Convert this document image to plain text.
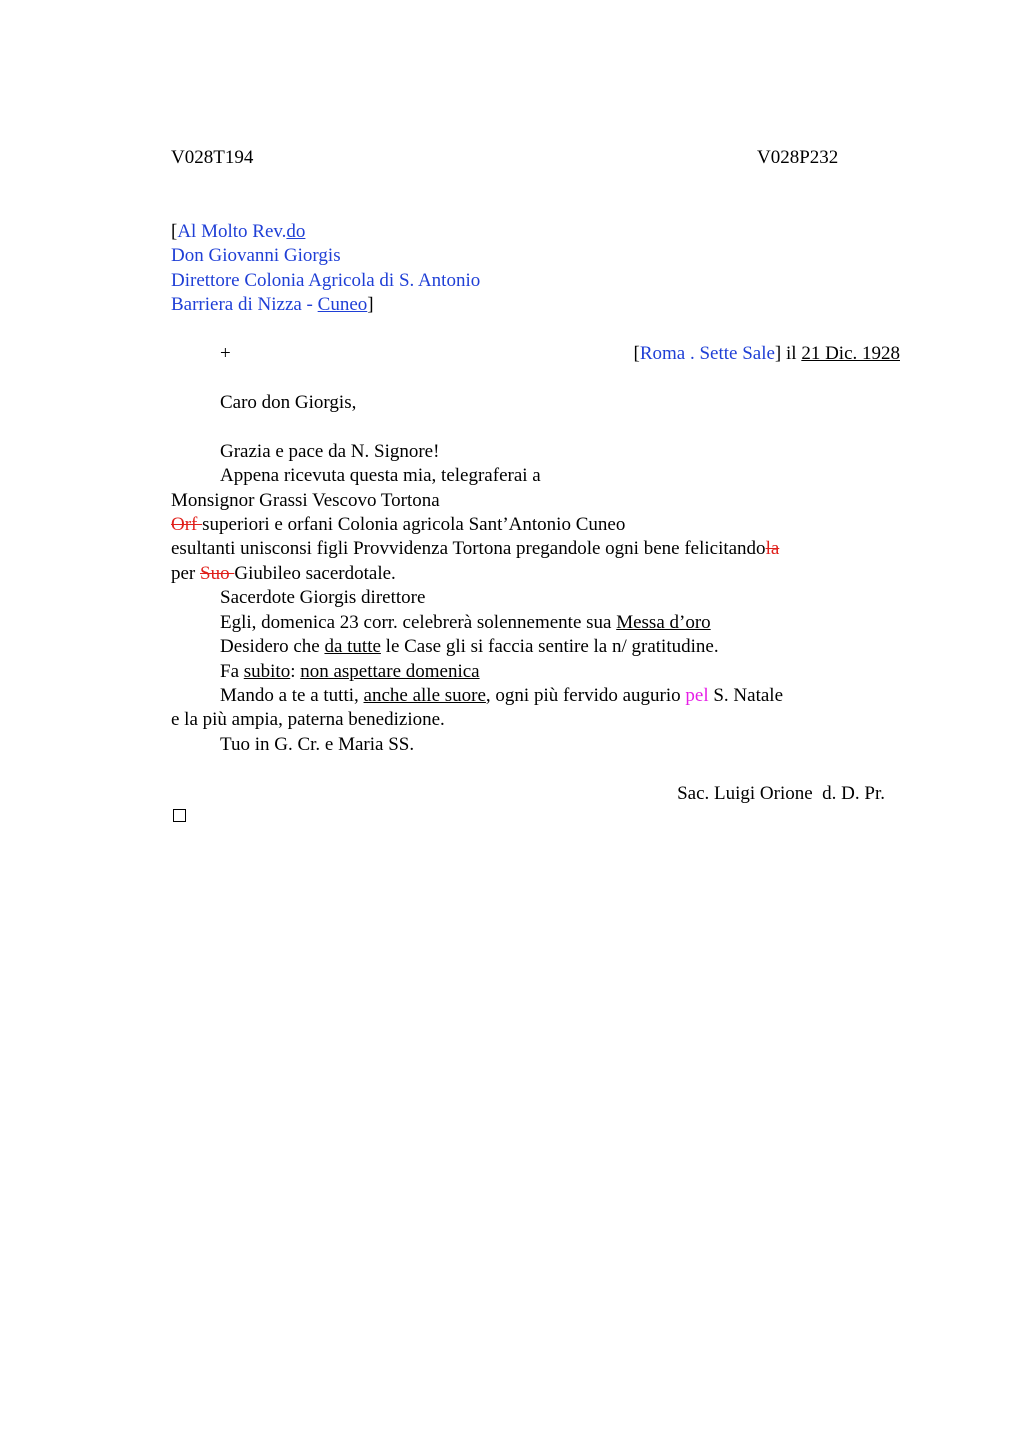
V028T194	V028P232
[Al Molto Rev.do
Don Giovanni Giorgis
Direttore Colonia Agricola di S. Antonio
Barriera di Nizza - Cuneo]
+	[Roma . Sette Sale] il 21 Dic. 1928
Caro don Giorgis,
Grazia e pace da N. Signore!
Appena ricevuta questa mia, telegraferai a
Monsignor Grassi Vescovo Tortona
Orf superiori e orfani Colonia agricola Sant’Antonio Cuneo
esultanti unisconsi figli Provvidenza Tortona pregandole ogni bene felicitandola
per Suo Giubileo sacerdotale.
Sacerdote Giorgis direttore
Egli, domenica 23 corr. celebrerà solennemente sua Messa d’oro
Desidero che da tutte le Case gli si faccia sentire la n/ gratitudine.
Fa subito: non aspettare domenica
Mando a te a tutti, anche alle suore, ogni più fervido augurio pel S. Natale
e la più ampia, paterna benedizione.
Tuo in G. Cr. e Maria SS.
Sac. Luigi Orione  d. D. Pr.
